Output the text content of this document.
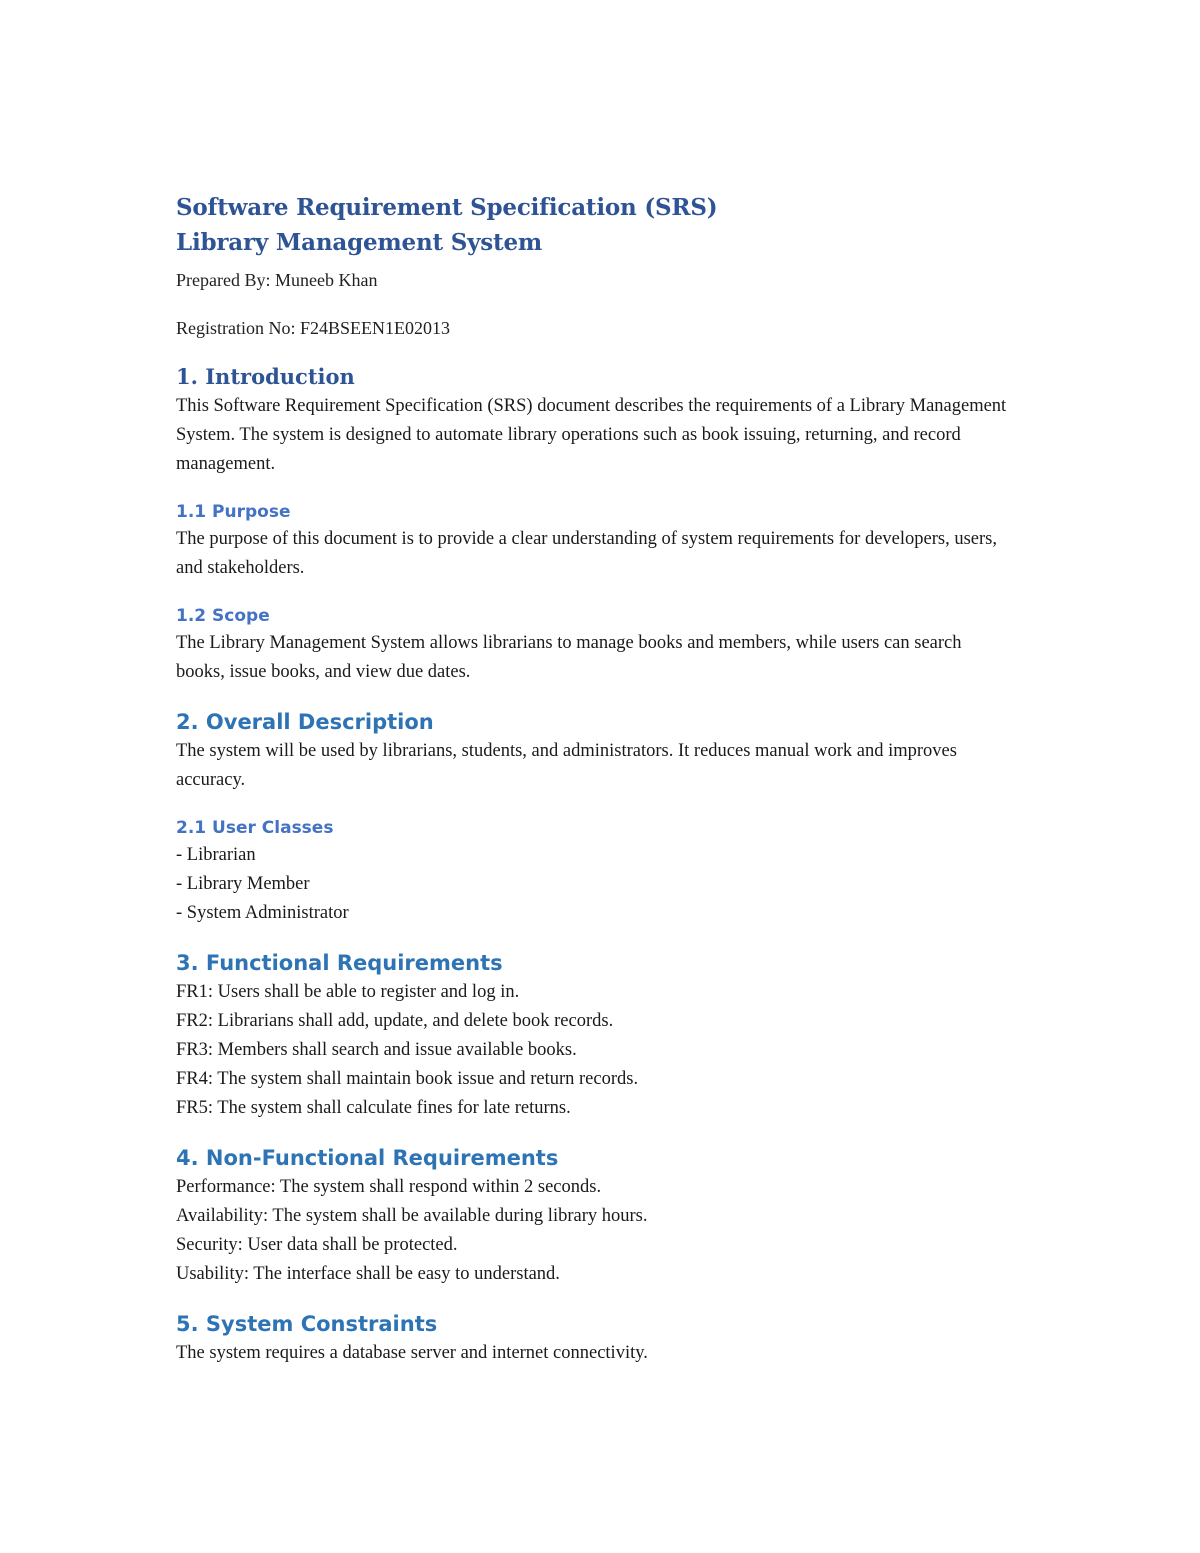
Software Requirement Specification (SRS)
Library Management System

Prepared By: Muneeb Khan

Registration No: F24BSEEN1E02013

1. Introduction

This Software Requirement Specification (SRS) document describes the requirements of a Library Management System. The system is designed to automate library operations such as book issuing, returning, and record management.

1.1 Purpose

The purpose of this document is to provide a clear understanding of system requirements for developers, users, and stakeholders.

1.2 Scope

The Library Management System allows librarians to manage books and members, while users can search books, issue books, and view due dates.

2. Overall Description

The system will be used by librarians, students, and administrators. It reduces manual work and improves accuracy.

2.1 User Classes
- Librarian
- Library Member
- System Administrator
3. Functional Requirements
FR1: Users shall be able to register and log in.
FR2: Librarians shall add, update, and delete book records.
FR3: Members shall search and issue available books.
FR4: The system shall maintain book issue and return records.
FR5: The system shall calculate fines for late returns.
4. Non-Functional Requirements
Performance: The system shall respond within 2 seconds.
Availability: The system shall be available during library hours.
Security: User data shall be protected.
Usability: The interface shall be easy to understand.
5. System Constraints

The system requires a database server and internet connectivity.
